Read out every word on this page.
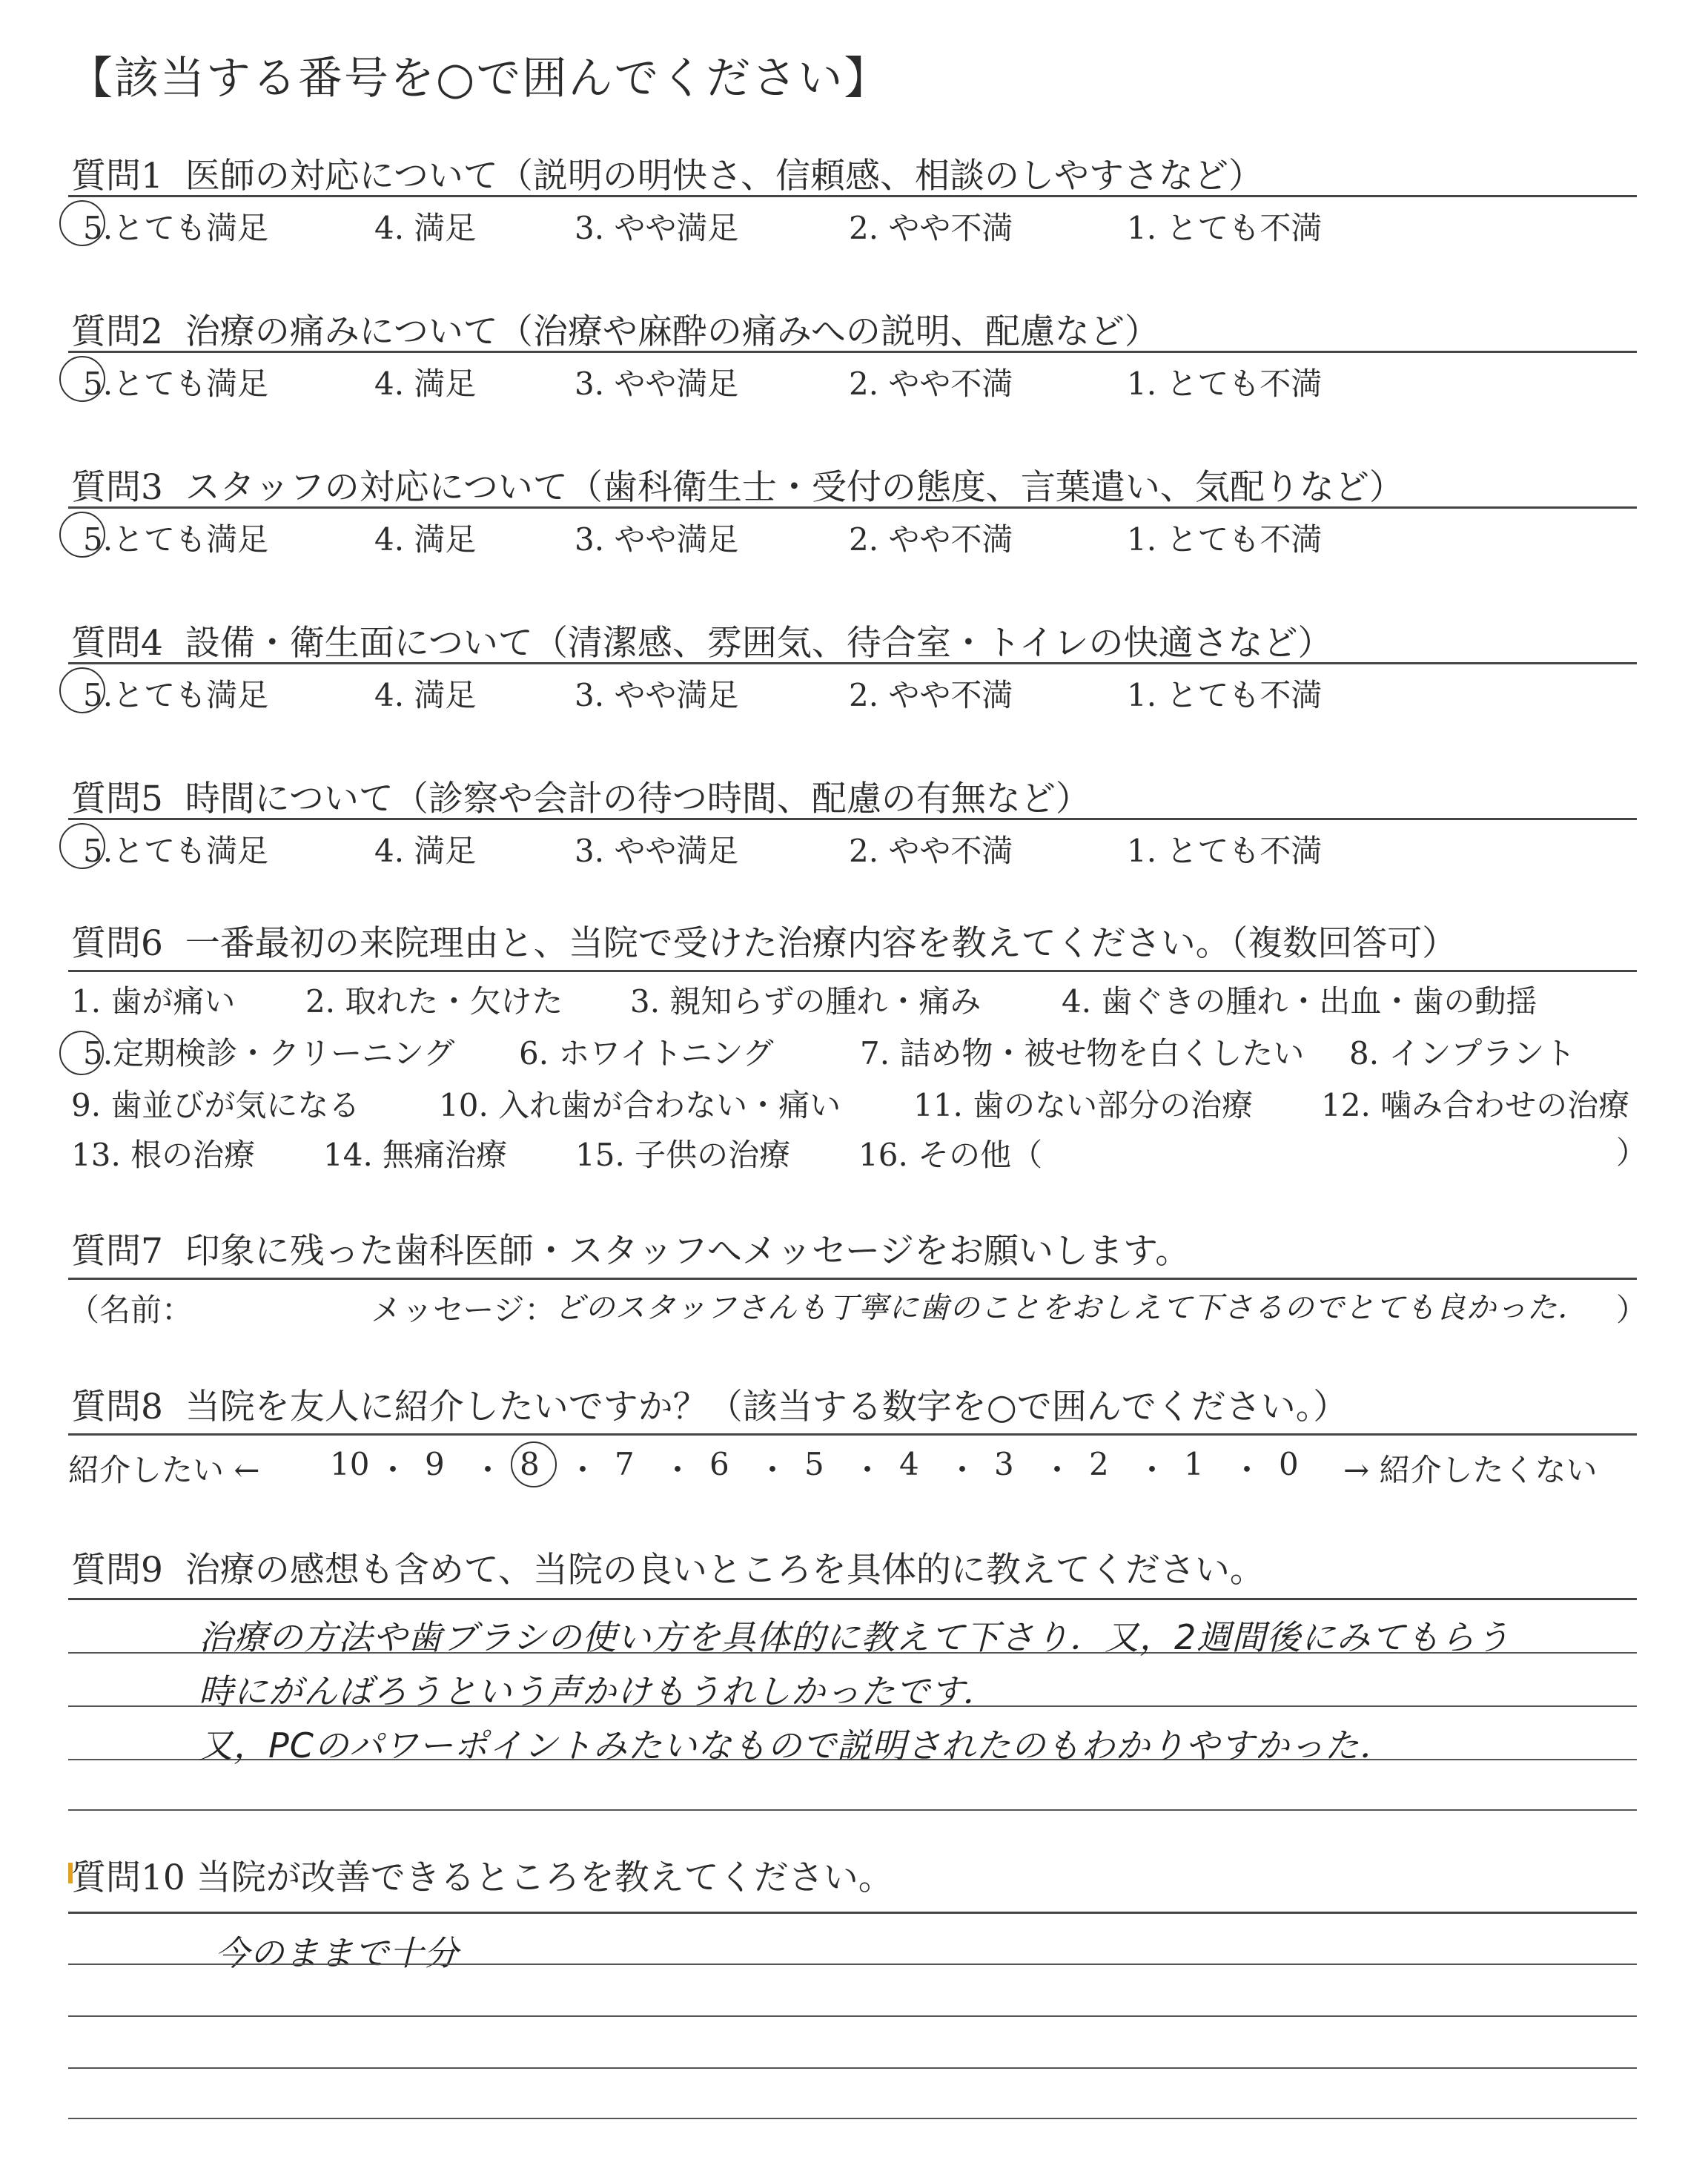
【該当する番号を○で囲んでください】
質問1 医師の対応について（説明の明快さ、信頼感、相談のしやすさなど）
5.とても満足	4. 満足	3. やや満足	2. やや不満	1. とても不満
質問2 治療の痛みについて（治療や麻酔の痛みへの説明、配慮など）
5.とても満足	4. 満足	3. やや満足	2. やや不満	1. とても不満
質問3 スタッフの対応について（歯科衛生士・受付の態度、言葉遣い、気配りなど）
5.とても満足	4. 満足	3. やや満足	2. やや不満	1. とても不満
質問4 設備・衛生面について（清潔感、雰囲気、待合室・トイレの快適さなど）
5.とても満足	4. 満足	3. やや満足	2. やや不満	1. とても不満
質問5 時間について（診察や会計の待つ時間、配慮の有無など）
5.とても満足	4. 満足	3. やや満足	2. やや不満	1. とても不満
質問6 一番最初の来院理由と、当院で受けた治療内容を教えてください。（複数回答可）
1. 歯が痛い 2. 取れた・欠けた 3. 親知らずの腫れ・痛み	4. 歯ぐきの腫れ・出血・歯の動揺
5.定期検診・クリーニング 6. ホワイトニング	7. 詰め物・被せ物を白くしたい 8. インプラント
9. 歯並びが気になる	10. 入れ歯が合わない・痛い 11. 歯のない部分の治療 12. 噛み合わせの治療
13. 根の治療 14. 無痛治療 15. 子供の治療 16. その他（	）
質問7 印象に残った歯科医師・スタッフへメッセージをお願いします。
（名前：	メッセージ：
どのスタッフさんも丁寧に歯のことをおしえて下さるのでとても良かった． ）
質問8 当院を友人に紹介したいですか？（該当する数字を○で囲んでください。）
紹介したい ← 10 ・ 9 ・ 8 ・ 7 ・ 6 ・ 5 ・ 4 ・ 3 ・ 2 ・ 1 ・ 0 → 紹介したくない
質問9 治療の感想も含めて、当院の良いところを具体的に教えてください。
治療の方法や歯ブラシの使い方を具体的に教えて下さり．又，2週間後にみてもらう
時にがんばろうという声かけもうれしかったです．
又，PCのパワーポイントみたいなもので説明されたのもわかりやすかった．
質問10 当院が改善できるところを教えてください。
今のままで十分
